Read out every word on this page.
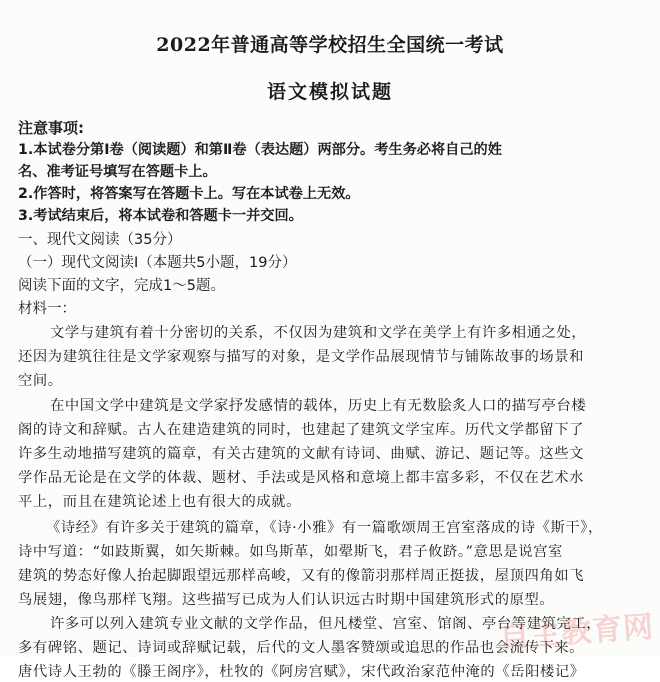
2022年普通高等学校招生全国统一考试
语文模拟试题
注意事项:
1.本试卷分第Ⅰ卷（阅读题）和第Ⅱ卷（表达题）两部分。考生务必将自己的姓
名、准考证号填写在答题卡上。
2.作答时，将答案写在答题卡上。写在本试卷上无效。
3.考试结束后，将本试卷和答题卡一并交回。
一、现代文阅读（35分）
（一）现代文阅读Ⅰ（本题共5小题，19分）
阅读下面的文字，完成1～5题。
材料一：
文学与建筑有着十分密切的关系，不仅因为建筑和文学在美学上有许多相通之处，
还因为建筑往往是文学家观察与描写的对象，是文学作品展现情节与铺陈故事的场景和
空间。
在中国文学中建筑是文学家抒发感情的载体，历史上有无数脍炙人口的描写亭台楼
阁的诗文和辞赋。古人在建造建筑的同时，也建起了建筑文学宝库。历代文学都留下了
许多生动地描写建筑的篇章，有关古建筑的文献有诗词、曲赋、游记、题记等。这些文
学作品无论是在文学的体裁、题材、手法或是风格和意境上都丰富多彩，不仅在艺术水
平上，而且在建筑论述上也有很大的成就。
《诗经》有许多关于建筑的篇章，《诗·小雅》有一篇歌颂周王宫室落成的诗《斯干》，
诗中写道：“如跂斯翼，如矢斯棘。如鸟斯革，如翚斯飞，君子攸跻。”意思是说宫室
建筑的势态好像人抬起脚跟望远那样高峻，又有的像箭羽那样周正挺拔，屋顶四角如飞
鸟展翅，像鸟那样飞翔。这些描写已成为人们认识远古时期中国建筑形式的原型。
许多可以列入建筑专业文献的文学作品，但凡楼堂、宫室、馆阁、亭台等建筑完工，
多有碑铭、题记、诗词或辞赋记载，后代的文人墨客赞颂或追思的作品也会流传下来。
唐代诗人王勃的《滕王阁序》，杜牧的《阿房宫赋》，宋代政治家范仲淹的《岳阳楼记》
自主教育网
